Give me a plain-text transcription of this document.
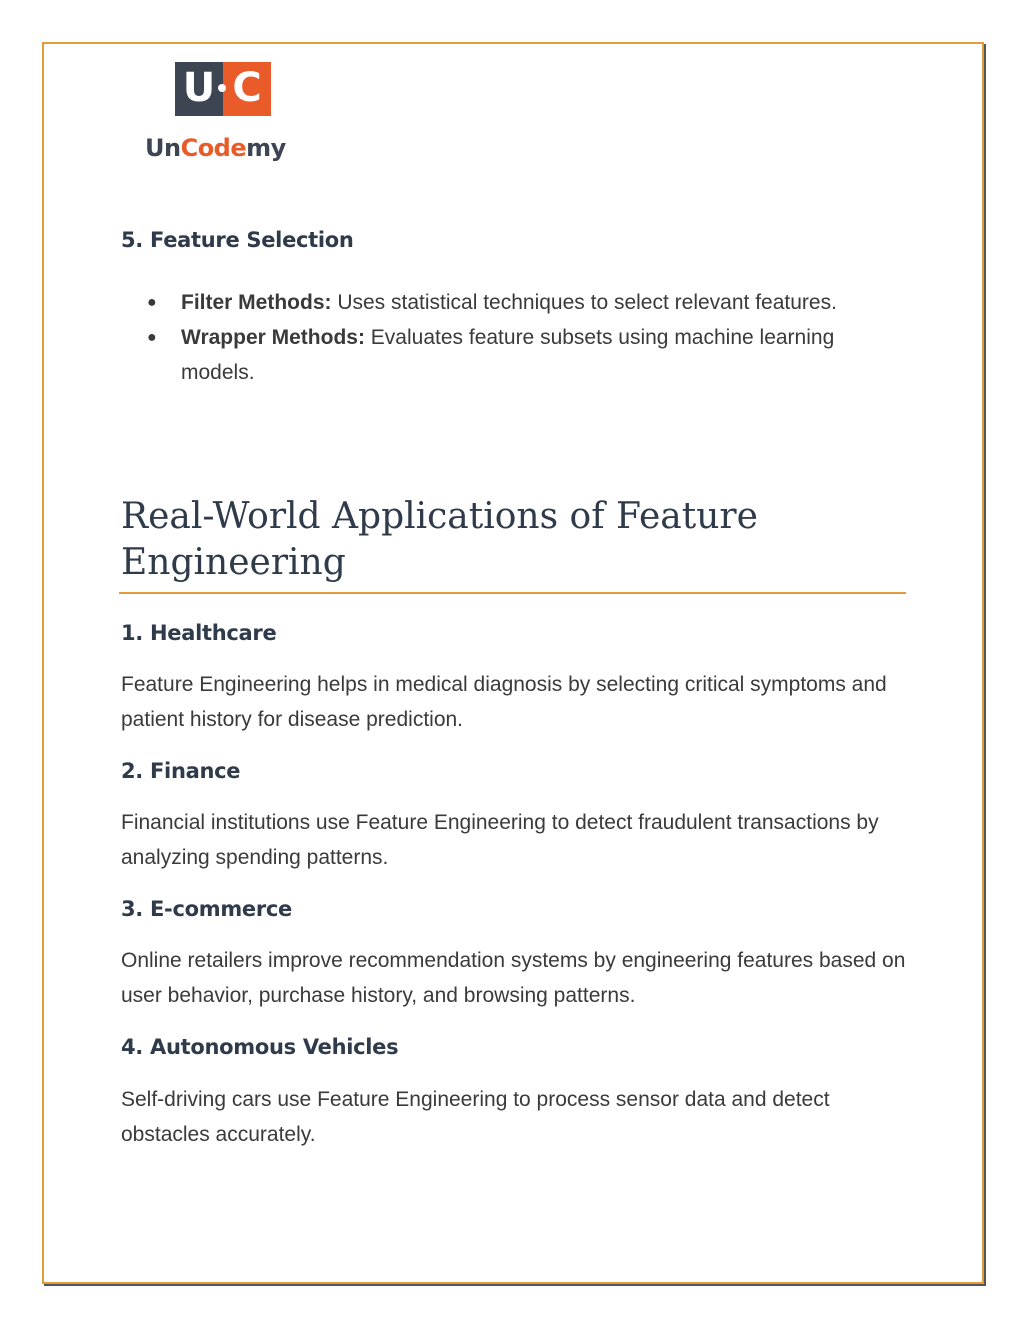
U C
UnCodemy
5. Feature Selection
● Filter Methods: Uses statistical techniques to select relevant features.
● Wrapper Methods: Evaluates feature subsets using machine learning models.
Real-World Applications of Feature Engineering
1. Healthcare

Feature Engineering helps in medical diagnosis by selecting critical symptoms and patient history for disease prediction.

2. Finance

Financial institutions use Feature Engineering to detect fraudulent transactions by analyzing spending patterns.

3. E-commerce

Online retailers improve recommendation systems by engineering features based on user behavior, purchase history, and browsing patterns.

4. Autonomous Vehicles

Self-driving cars use Feature Engineering to process sensor data and detect obstacles accurately.
